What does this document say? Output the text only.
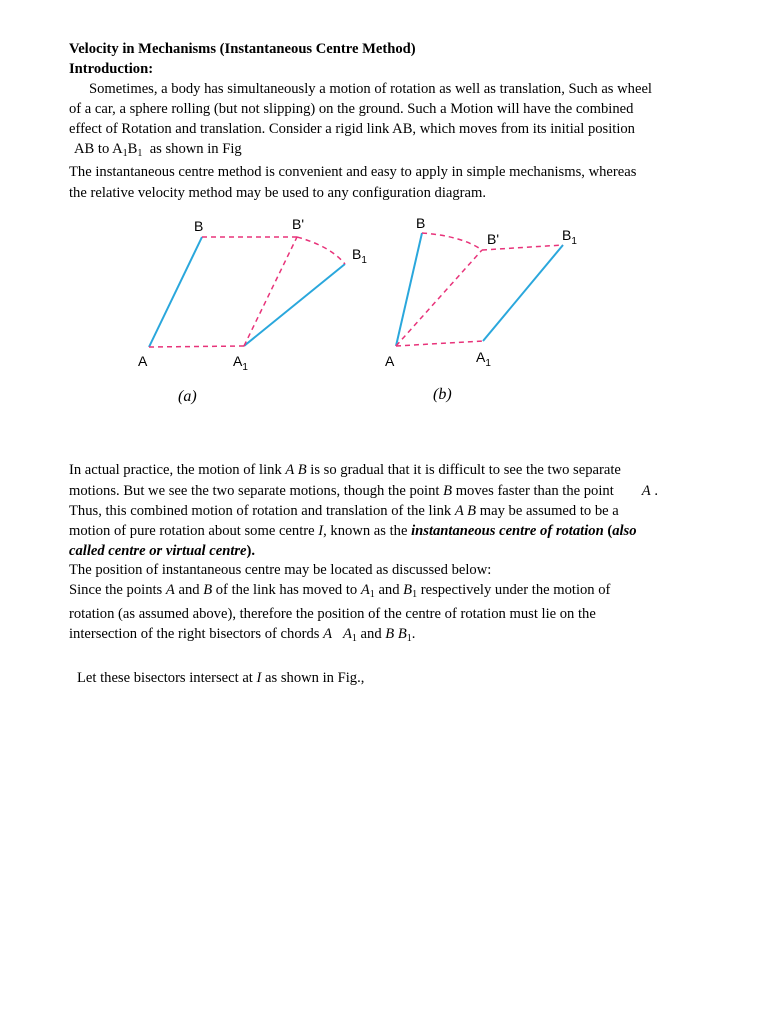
Velocity in Mechanisms (Instantaneous Centre Method)
Introduction:
Sometimes, a body has simultaneously a motion of rotation as well as translation, Such as wheel
of a car, a sphere rolling (but not slipping) on the ground. Such a Motion will have the combined
effect of Rotation and translation. Consider a rigid link AB, which moves from its initial position
AB to $A_1B_1$ as shown in Fig
The instantaneous centre method is convenient and easy to apply in simple mechanisms, whereas
the relative velocity method may be used to any configuration diagram.
B	B'
$B_1$
A	$A_1$
(a)
B
B'	$B_1$
A	$A_1$
(b)
In actual practice, the motion of link A B is so gradual that it is difficult to see the two separate
motions. But we see the two separate motions, though the point B moves faster than the point A .
Thus, this combined motion of rotation and translation of the link A B may be assumed to be a
motion of pure rotation about some centre I, known as the instantaneous centre of rotation (also
called centre or virtual centre).
The position of instantaneous centre may be located as discussed below:
Since the points A and B of the link has moved to $A_1$ and $B_1$ respectively under the motion of
rotation (as assumed above), therefore the position of the centre of rotation must lie on the
intersection of the right bisectors of chords A $A_1$ and B $B_1$.
Let these bisectors intersect at I as shown in Fig.,
